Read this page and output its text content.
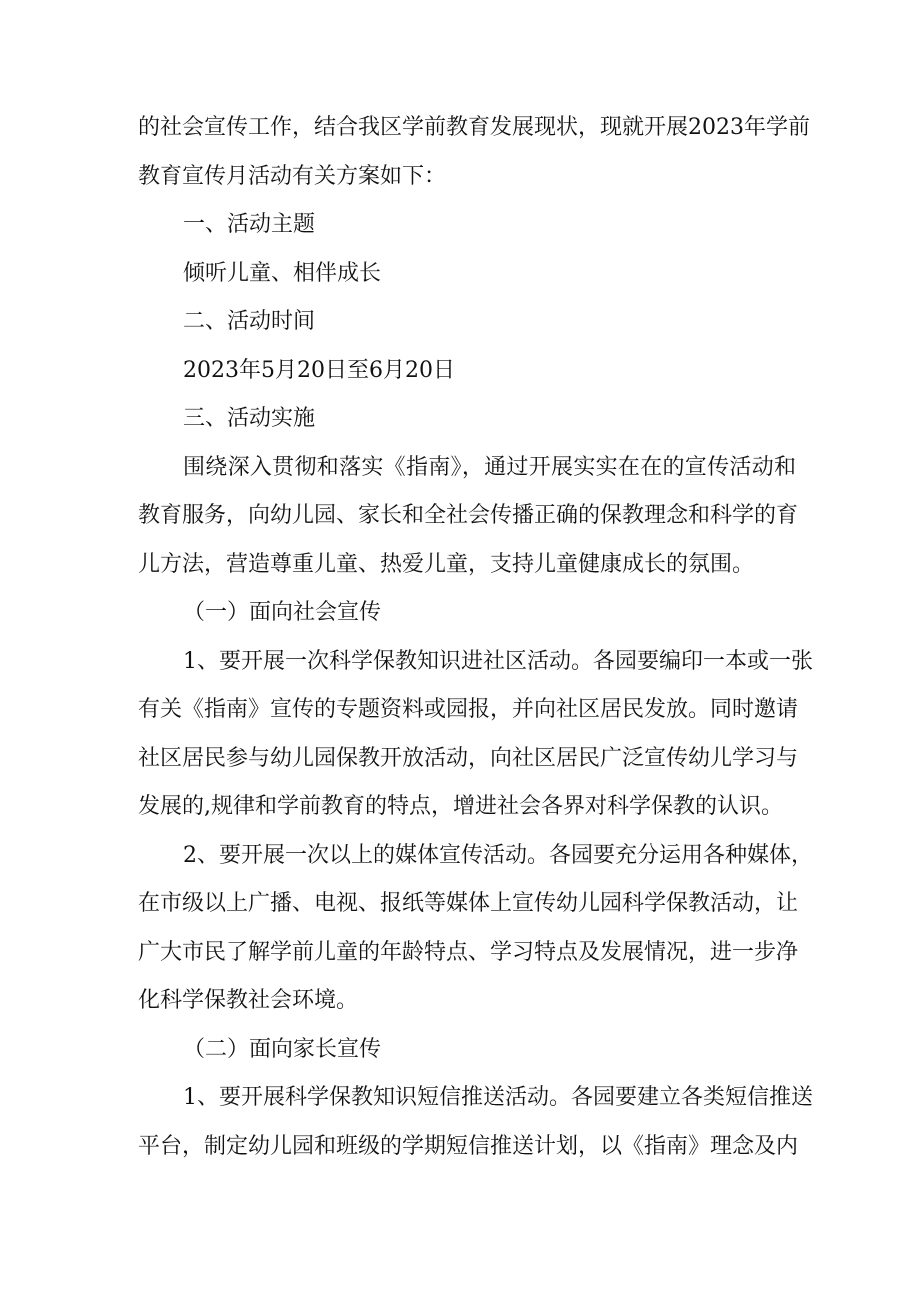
的社会宣传工作，结合我区学前教育发展现状，现就开展2023年学前
教育宣传月活动有关方案如下：
一、活动主题
倾听儿童、相伴成长
二、活动时间
2023年5月20日至6月20日
三、活动实施
围绕深入贯彻和落实《指南》，通过开展实实在在的宣传活动和
教育服务，向幼儿园、家长和全社会传播正确的保教理念和科学的育
儿方法，营造尊重儿童、热爱儿童，支持儿童健康成长的氛围。
（一）面向社会宣传
1、要开展一次科学保教知识进社区活动。各园要编印一本或一张
有关《指南》宣传的专题资料或园报，并向社区居民发放。同时邀请
社区居民参与幼儿园保教开放活动，向社区居民广泛宣传幼儿学习与
发展的,规律和学前教育的特点，增进社会各界对科学保教的认识。
2、要开展一次以上的媒体宣传活动。各园要充分运用各种媒体，
在市级以上广播、电视、报纸等媒体上宣传幼儿园科学保教活动，让
广大市民了解学前儿童的年龄特点、学习特点及发展情况，进一步净
化科学保教社会环境。
（二）面向家长宣传
1、要开展科学保教知识短信推送活动。各园要建立各类短信推送
平台，制定幼儿园和班级的学期短信推送计划，以《指南》理念及内
